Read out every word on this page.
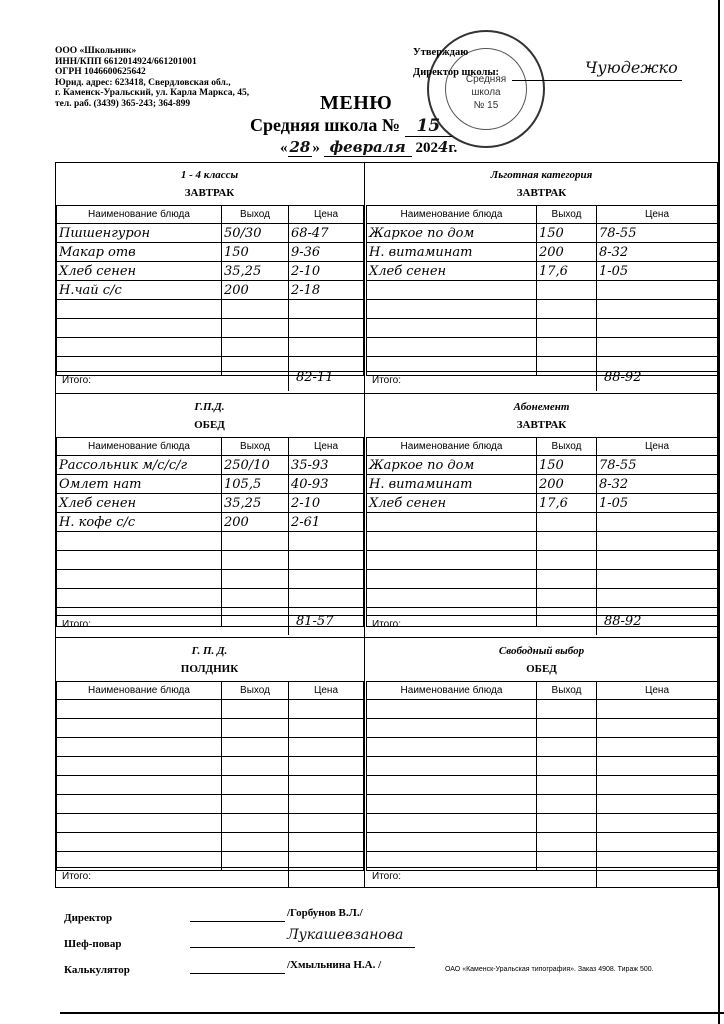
ООО «Школьник»
ИНН/КПП 6612014924/661201001
ОГРН 1046600625642
Юрид. адрес: 623418, Свердловская обл.,
г. Каменск-Уральский, ул. Карла Маркса, 45,
тел. раб. (3439) 365-243; 364-899
Средняя
школа
№ 15
Утверждаю
Директор школы:	Чуюдежко
МЕНЮ
Средняя школа № 15
« 28 » февраля 2024г.
1 - 4 классы
ЗАВТРАК
Наименование блюда	Выход	Цена
Пшшенгурон	50/30	68-47
Макар отв	150	9-36
Хлеб сенен	35,25	2-10
Н.чай с/с	200	2-18

Итого:	82-11
Льготная категория
ЗАВТРАК
Наименование блюда	Выход	Цена
Жаркое по дом	150	78-55
Н. витаминат	200	8-32
Хлеб сенен	17,6	1-05

Итого:	88-92
Г.П.Д.
ОБЕД
Наименование блюда	Выход	Цена
Рассольник м/с/с/г	250/10	35-93
Омлет нат	105,5	40-93
Хлеб сенен	35,25	2-10
Н. кофе с/с	200	2-61

Итого:	81-57
Абонемент
ЗАВТРАК
Наименование блюда	Выход	Цена
Жаркое по дом	150	78-55
Н. витаминат	200	8-32
Хлеб сенен	17,6	1-05

Итого:	88-92
Г. П. Д.
ПОЛДНИК
Наименование блюда	Выход	Цена

Итого:
Свободный выбор
ОБЕД
Наименование блюда	Выход	Цена

Итого:
Директор
Шеф-повар
Калькулятор
/Горбунов В.Л./
Лукашевзанова
/Хмыльнина Н.А. /	ОАО «Каменск-Уральская типография». Заказ 4908. Тираж 500.
